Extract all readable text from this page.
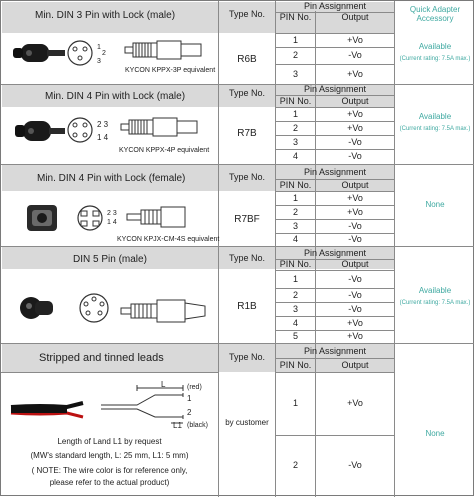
Quick Adapter Accessory
Min. DIN 3 Pin with Lock (male)	Type No.
Pin Assignment
PIN No.	Output
1	+Vo
2	-Vo
3	+Vo
R6B
Available
(Current rating: 7.5A max.)
1
2
3
KYCON KPPX-3P equivalent
Min. DIN 4 Pin with Lock (male)	Type No.	Pin Assignment
PIN No.	Output
1	+Vo
2	+Vo
3	-Vo
4	-Vo
R7B
Available
(Current rating: 7.5A max.)
2 3
1 4
KYCON KPPX-4P equivalent
Min. DIN 4 Pin with Lock (female)	Type No.
Pin Assignment
PIN No.	Output
1	+Vo
2	+Vo
3	-Vo
4	-Vo
R7BF
None
2 3
1 4
KYCON KPJX-CM-4S equivalent
DIN 5 Pin (male)	Type No.
Pin Assignment
PIN No.	Output
1	-Vo
2	-Vo
3	-Vo
4	+Vo
5	+Vo
R1B
Available
(Current rating: 7.5A max.)
Stripped and tinned leads	Type No.
Pin Assignment
PIN No.	Output
1	+Vo
2	-Vo
by customer
None
L	(red)
1
2
L1 (black)
Length of Land L1 by request
(MW's standard length, L: 25 mm, L1: 5 mm)
( NOTE: The wire color is for reference only,
please refer to the actual product)
